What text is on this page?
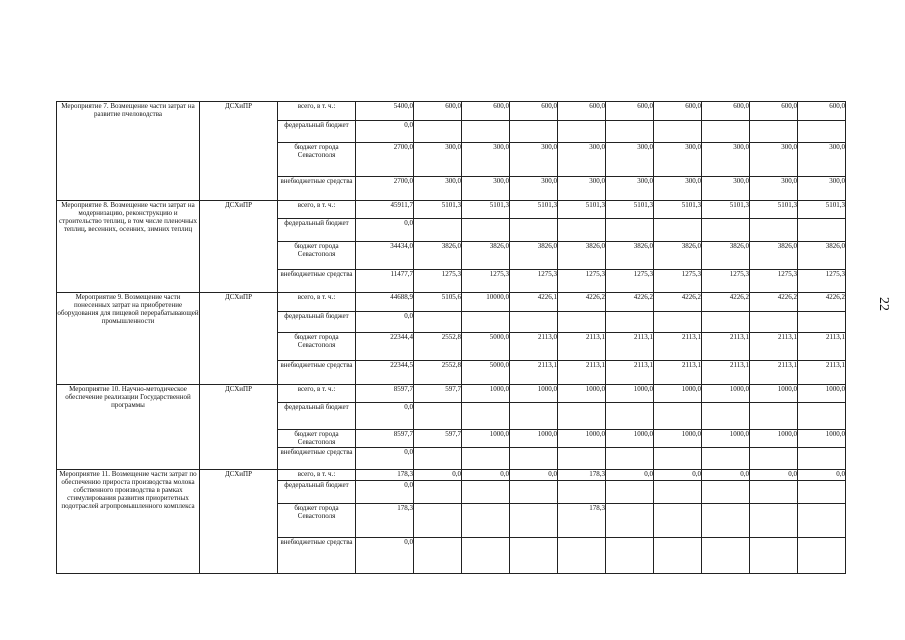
22
Мероприятие 7. Возмещение части затрат на развитие пчеловодства	ДСХиПР	всего, в т. ч.:	5400,0	600,0	600,0	600,0	600,0	600,0	600,0	600,0	600,0	600,0

		федеральный бюджет	0,0									

		бюджет города Севастополя	2700,0	300,0	300,0	300,0	300,0	300,0	300,0	300,0	300,0	300,0

		внебюджетные средства	2700,0	300,0	300,0	300,0	300,0	300,0	300,0	300,0	300,0	300,0

Мероприятие 8. Возмещение части затрат на модернизацию, реконструкцию и строительство теплиц, в том числе пленочных теплиц, весенних, осенних, зимних теплиц	ДСХиПР	всего, в т. ч.:	45911,7	5101,3	5101,3	5101,3	5101,3	5101,3	5101,3	5101,3	5101,3	5101,3

		федеральный бюджет	0,0									

		бюджет города Севастополя	34434,0	3826,0	3826,0	3826,0	3826,0	3826,0	3826,0	3826,0	3826,0	3826,0

		внебюджетные средства	11477,7	1275,3	1275,3	1275,3	1275,3	1275,3	1275,3	1275,3	1275,3	1275,3

Мероприятие 9. Возмещение части понесенных затрат на приобретение оборудования для пищевой перерабатывающей промышленности	ДСХиПР	всего, в т. ч.:	44688,9	5105,6	10000,0	4226,1	4226,2	4226,2	4226,2	4226,2	4226,2	4226,2

		федеральный бюджет	0,0									

		бюджет города Севастополя	22344,4	2552,8	5000,0	2113,0	2113,1	2113,1	2113,1	2113,1	2113,1	2113,1

		внебюджетные средства	22344,5	2552,8	5000,0	2113,1	2113,1	2113,1	2113,1	2113,1	2113,1	2113,1

Мероприятие 10. Научно-методическое обеспечение реализации Государственной программы	ДСХиПР	всего, в т. ч.:	8597,7	597,7	1000,0	1000,0	1000,0	1000,0	1000,0	1000,0	1000,0	1000,0

		федеральный бюджет	0,0									

		бюджет города Севастополя	8597,7	597,7	1000,0	1000,0	1000,0	1000,0	1000,0	1000,0	1000,0	1000,0

		внебюджетные средства	0,0									

Мероприятие 11. Возмещение части затрат по обеспечению прироста производства молока собственного производства в рамках стимулирования развития приоритетных подотраслей агропромышленного комплекса	ДСХиПР	всего, в т. ч.:	178,3	0,0	0,0	0,0	178,3	0,0	0,0	0,0	0,0	0,0

		федеральный бюджет	0,0									

		бюджет города Севастополя	178,3				178,3					

		внебюджетные средства	0,0									
